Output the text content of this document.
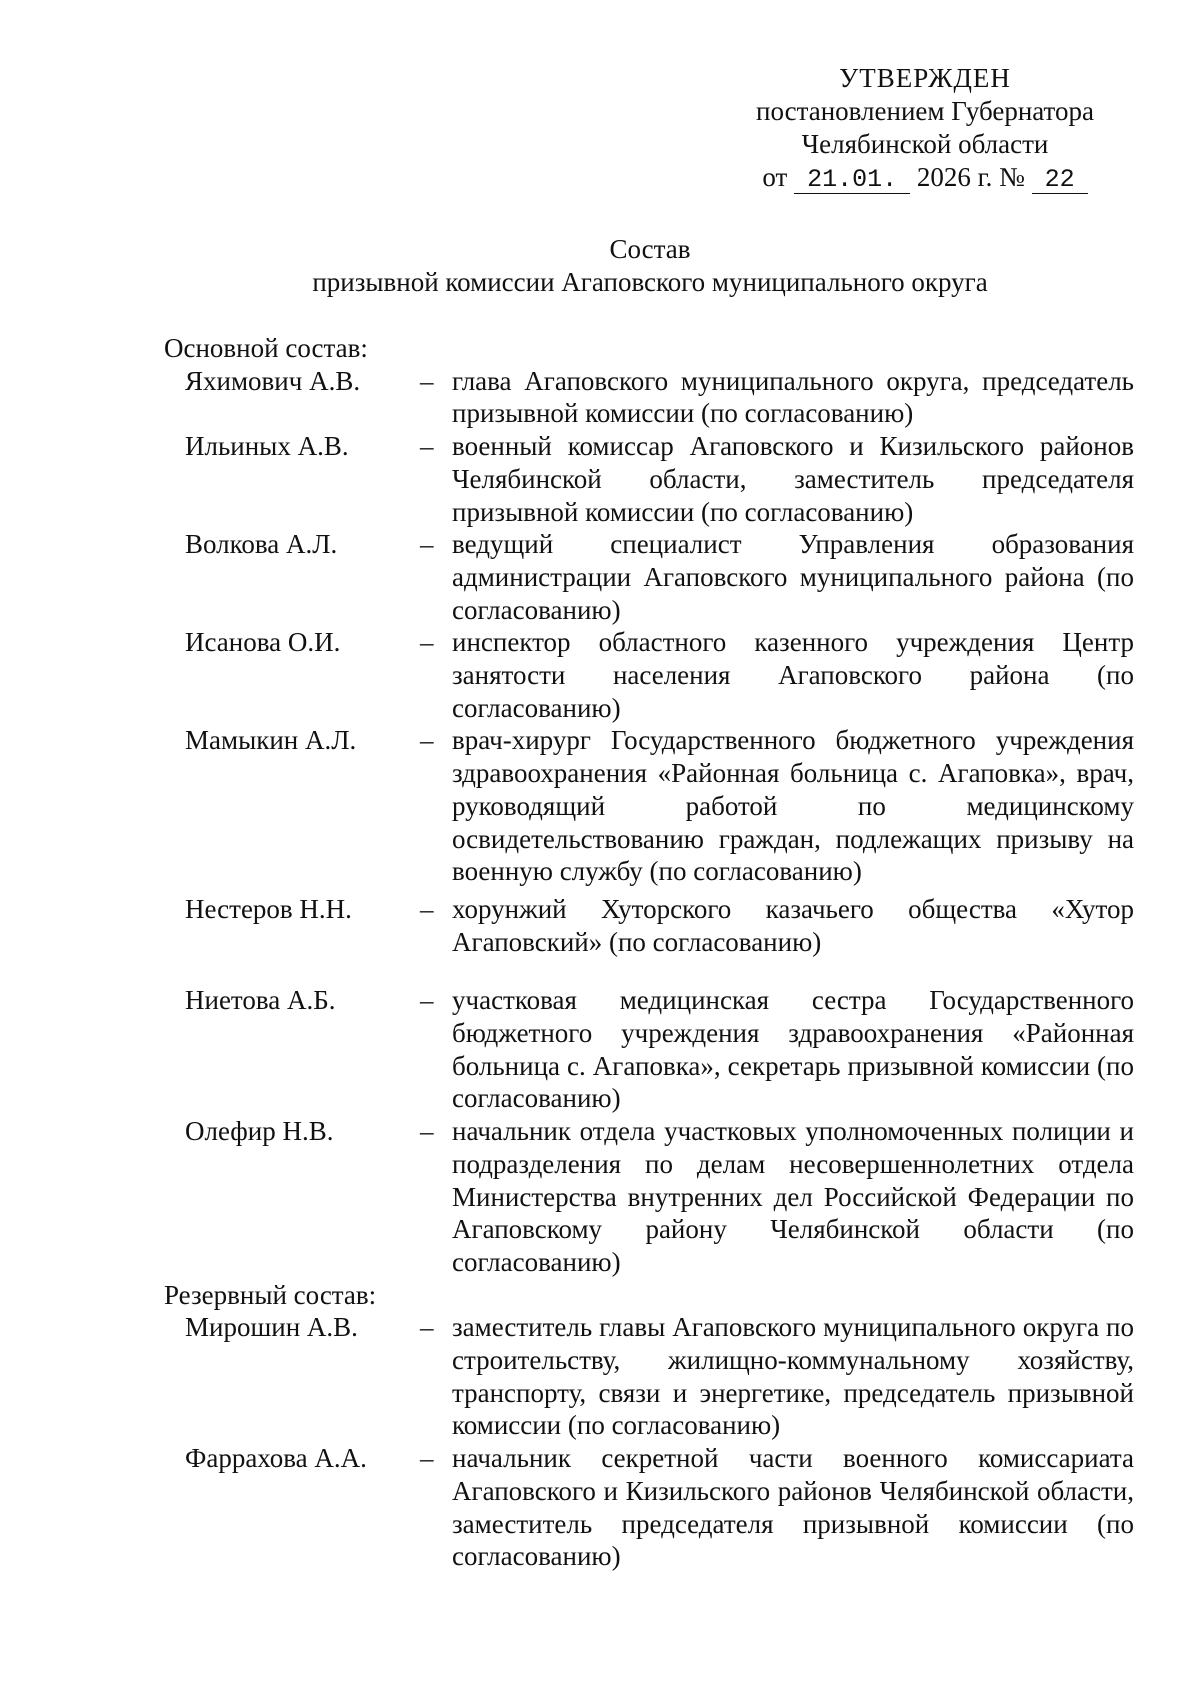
УТВЕРЖДЕН
постановлением Губернатора
Челябинской области
от 21.01. 2026 г. № 22
Состав
призывной комиссии Агаповского муниципального округа
Основной состав:
Яхимович А.В.	– глава Агаповского муниципального округа, председатель призывной комиссии (по согласованию)
Ильиных А.В.	– военный комиссар Агаповского и Кизильского районов Челябинской области, заместитель председателя призывной комиссии (по согласованию)
Волкова А.Л.	– ведущий специалист Управления образования администрации Агаповского муниципального района (по согласованию)
Исанова О.И.	– инспектор областного казенного учреждения Центр занятости населения Агаповского района (по согласованию)
Мамыкин А.Л.	– врач-хирург Государственного бюджетного учреждения здравоохранения «Районная больница с. Агаповка», врач, руководящий работой по медицинскому освидетельствованию граждан, подлежащих призыву на военную службу (по согласованию)
Нестеров Н.Н.	– хорунжий Хуторского казачьего общества «Хутор Агаповский» (по согласованию)
Ниетова А.Б.	– участковая медицинская сестра Государственного бюджетного учреждения здравоохранения «Районная больница с. Агаповка», секретарь призывной комиссии (по согласованию)
Олефир Н.В.	– начальник отдела участковых уполномоченных полиции и подразделения по делам несовершеннолетних отдела Министерства внутренних дел Российской Федерации по Агаповскому району Челябинской области (по согласованию)
Резервный состав:
Мирошин А.В.	– заместитель главы Агаповского муниципального округа по строительству, жилищно-коммунальному хозяйству, транспорту, связи и энергетике, председатель призывной комиссии (по согласованию)
Фаррахова А.А.	– начальник секретной части военного комиссариата Агаповского и Кизильского районов Челябинской области, заместитель председателя призывной комиссии (по согласованию)
